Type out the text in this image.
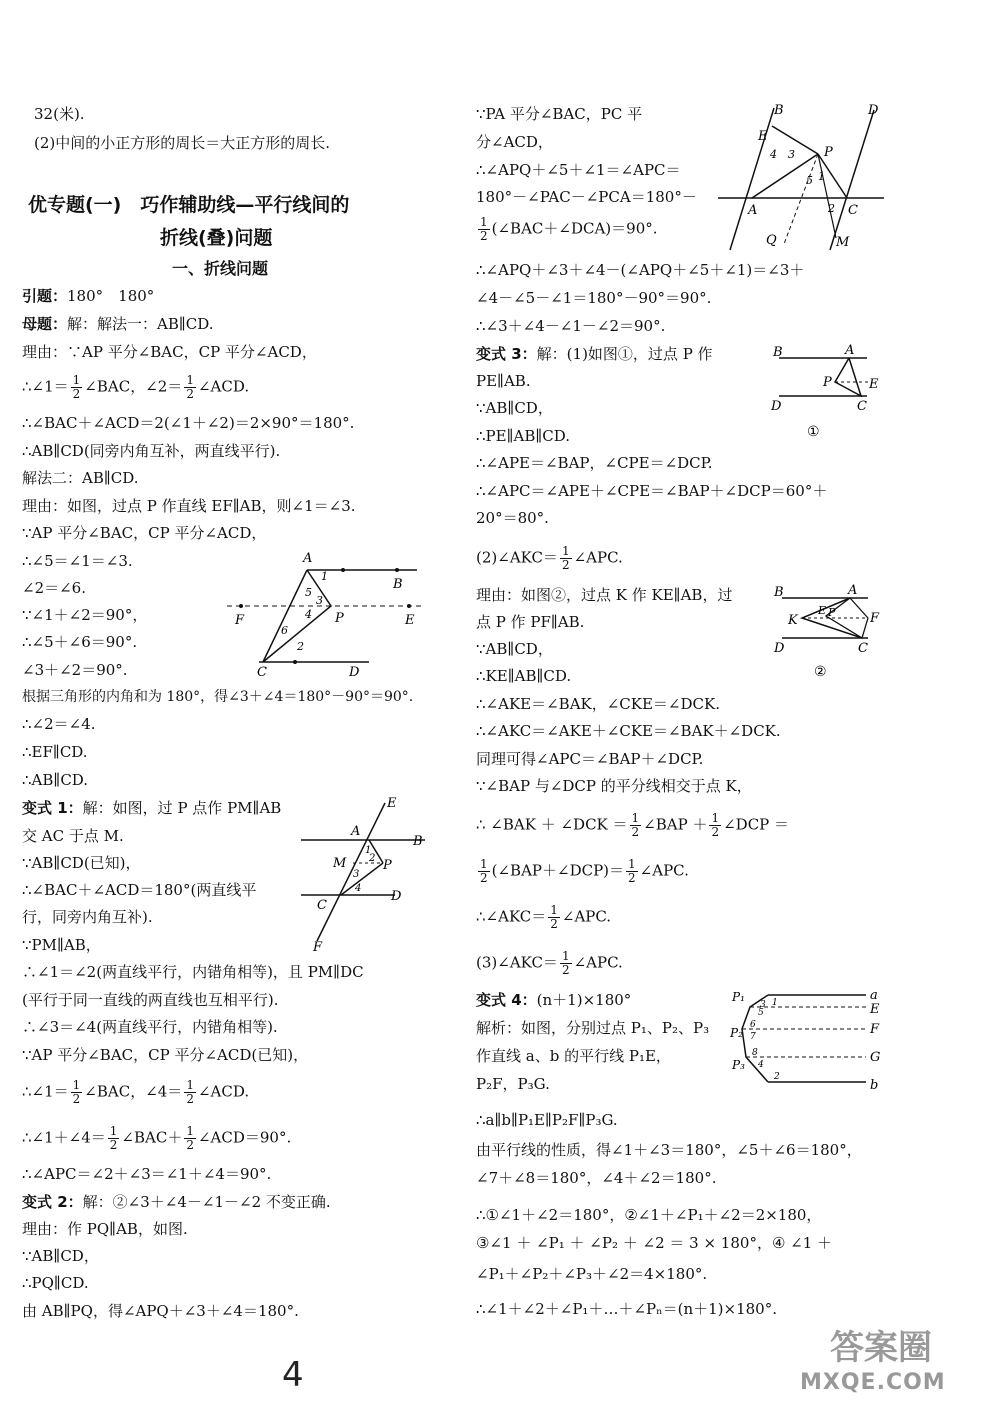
32(米).
(2)中间的小正方形的周长＝大正方形的周长.
优专题(一)　巧作辅助线—平行线间的
折线(叠)问题
一、折线问题
引题：180°　180°
母题：解：解法一：AB∥CD.
理由：∵AP 平分∠BAC，CP 平分∠ACD，
∴∠1＝ $\frac{1}{2}$ ∠BAC，∠2＝ $\frac{1}{2}$ ∠ACD.
∴∠BAC＋∠ACD＝2(∠1＋∠2)＝2×90°＝180°.
∴AB∥CD(同旁内角互补，两直线平行).
解法二：AB∥CD.
理由：如图，过点 P 作直线 EF∥AB，则∠1＝∠3.
∵AP 平分∠BAC，CP 平分∠ACD，
∴∠5＝∠1＝∠3.
∠2＝∠6.
∵∠1＋∠2＝90°，
∴∠5＋∠6＝90°.
∠3＋∠2＝90°.
根据三角形的内角和为 180°，得∠3＋∠4＝180°－90°＝90°.
∴∠2＝∠4.
∴EF∥CD.
∴AB∥CD.
变式 1：解：如图，过 P 点作 PM∥AB
交 AC 于点 M.
∵AB∥CD(已知)，
∴∠BAC＋∠ACD＝180°(两直线平
行，同旁内角互补).
∵PM∥AB，
∴∠1＝∠2(两直线平行，内错角相等)，且 PM∥DC
(平行于同一直线的两直线也互相平行).
∴∠3＝∠4(两直线平行，内错角相等).
∵AP 平分∠BAC，CP 平分∠ACD(已知)，
∴∠1＝ $\frac{1}{2}$ ∠BAC，∠4＝ $\frac{1}{2}$ ∠ACD.
∴∠1＋∠4＝ $\frac{1}{2}$ ∠BAC＋ $\frac{1}{2}$ ∠ACD＝90°.
∴∠APC＝∠2＋∠3＝∠1＋∠4＝90°.
变式 2：解：②∠3＋∠4－∠1－∠2 不变正确.
理由：作 PQ∥AB，如图.
∵AB∥CD，
∴PQ∥CD.
由 AB∥PQ，得∠APQ＋∠3＋∠4＝180°.
A
B
C	D
E
F	P
1
2
3
4
5
6
E
A
B
M	P
C
D
F
1
2
3
4
∵PA 平分∠BAC，PC 平
分∠ACD，
∴∠APQ＋∠5＋∠1＝∠APC＝
180°－∠PAC－∠PCA＝180°－
$\frac{1}{2}$ (∠BAC＋∠DCA)＝90°.
∴∠APQ＋∠3＋∠4－(∠APQ＋∠5＋∠1)＝∠3＋
∠4－∠5－∠1＝180°－90°＝90°.
∴∠3＋∠4－∠1－∠2＝90°.
变式 3：解：(1)如图①，过点 P 作
PE∥AB.
∵AB∥CD，
∴PE∥AB∥CD.
∴∠APE＝∠BAP，∠CPE＝∠DCP.
∴∠APC＝∠APE＋∠CPE＝∠BAP＋∠DCP＝60°＋
20°＝80°.
(2)∠AKC＝ $\frac{1}{2}$ ∠APC.
理由：如图②，过点 K 作 KE∥AB，过
点 P 作 PF∥AB.
∵AB∥CD，
∴KE∥AB∥CD.
∴∠AKE＝∠BAK，∠CKE＝∠DCK.
∴∠AKC＝∠AKE＋∠CKE＝∠BAK＋∠DCK.
同理可得∠APC＝∠BAP＋∠DCP.
∵∠BAP 与∠DCP 的平分线相交于点 K，
∴ ∠BAK ＋ ∠DCK ＝ $\frac{1}{2}$ ∠BAP ＋ $\frac{1}{2}$ ∠DCP ＝
$\frac{1}{2}$ (∠BAP＋∠DCP)＝ $\frac{1}{2}$ ∠APC.
∴∠AKC＝ $\frac{1}{2}$ ∠APC.
(3)∠AKC＝ $\frac{1}{2}$ ∠APC.
变式 4：(n＋1)×180°
解析：如图，分别过点 P₁、P₂、P₃
作直线 a、b 的平行线 P₁E，
P₂F，P₃G.
∴a∥b∥P₁E∥P₂F∥P₃G.
由平行线的性质，得∠1＋∠3＝180°，∠5＋∠6＝180°，
∠7＋∠8＝180°，∠4＋∠2＝180°.
∴①∠1＋∠2＝180°，②∠1＋∠P₁＋∠2＝2×180，
③∠1 ＋ ∠P₁ ＋ ∠P₂ ＋ ∠2 ＝ 3 × 180°，④ ∠1 ＋
∠P₁＋∠P₂＋∠P₃＋∠2＝4×180°.
∴∠1＋∠2＋∠P₁＋…＋∠Pₙ＝(n＋1)×180°.
B	D
E
P
A	C
Q	M
4 3
5 1
2
B	A
P	E
D	C
①
B	A
K
E P	F
D	C
②
P₁
P₂
P₃
a
E
F
G
b
1
3
5
6
7
8
4
2
4
答案圈
MXQE.COM
